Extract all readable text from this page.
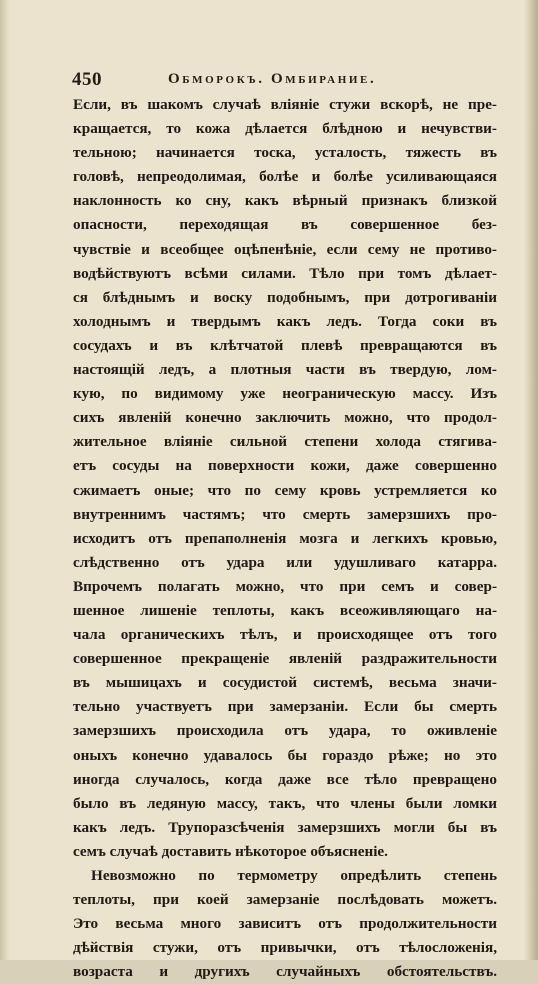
450	Обморокъ. Омбирание.
Если, въ шакомъ случаѣ вліяніе стужи вскорѣ, не пре-
кращается, то кожа дѣлается блѣдною и нечувстви-
тельною; начинается тоска, усталость, тяжесть въ
головѣ, непреодолимая, болѣе и болѣе усиливающаяся
наклонность ко сну, какъ вѣрный признакъ близкой
опасности, переходящая въ совершенное без-
чувствіе и всеобщее оцѣпенѣніе, если сему не противо-
водѣйствуютъ всѣми силами. Тѣло при томъ дѣлает-
ся блѣднымъ и воску подобнымъ, при дотрогиваніи
холоднымъ и твердымъ какъ ледъ. Тогда соки въ
сосудахъ и въ клѣтчатой плевѣ превращаются въ
настоящій ледъ, а плотныя части въ твердую, лом-
кую, по видимому уже неограническую массу. Изъ
сихъ явленій конечно заключить можно, что продол-
жительное вліяніе сильной степени холода стягива-
етъ сосуды на поверхности кожи, даже совершенно
сжимаетъ оные; что по сему кровь устремляется ко
внутреннимъ частямъ; что смерть замерзшихъ про-
исходитъ отъ препаполненія мозга и легкихъ кровью,
слѣдственно отъ удара или удушливаго катарра.
Впрочемъ полагать можно, что при семъ и совер-
шенное лишеніе теплоты, какъ всеоживляющаго на-
чала органическихъ тѣлъ, и происходящее отъ того
совершенное прекращеніе явленій раздражительности
въ мышицахъ и сосудистой системѣ, весьма значи-
тельно участвуетъ при замерзаніи. Если бы смерть
замерзшихъ происходила отъ удара, то оживленіе
оныхъ конечно удавалось бы гораздо рѣже; но это
иногда случалось, когда даже все тѣло превращено
было въ ледяную массу, такъ, что члены были ломки
какъ ледъ. Трупоразсѣченія замерзшихъ могли бы въ
семъ случаѣ доставить нѣкоторое объясненіе.
Невозможно по термометру опредѣлить степень
теплоты, при коей замерзаніе послѣдовать можетъ.
Это весьма много зависитъ отъ продолжительности
дѣйствія стужи, отъ привычки, отъ тѣлосложенія,
возраста и другихъ случайныхъ обстоятельствъ.
